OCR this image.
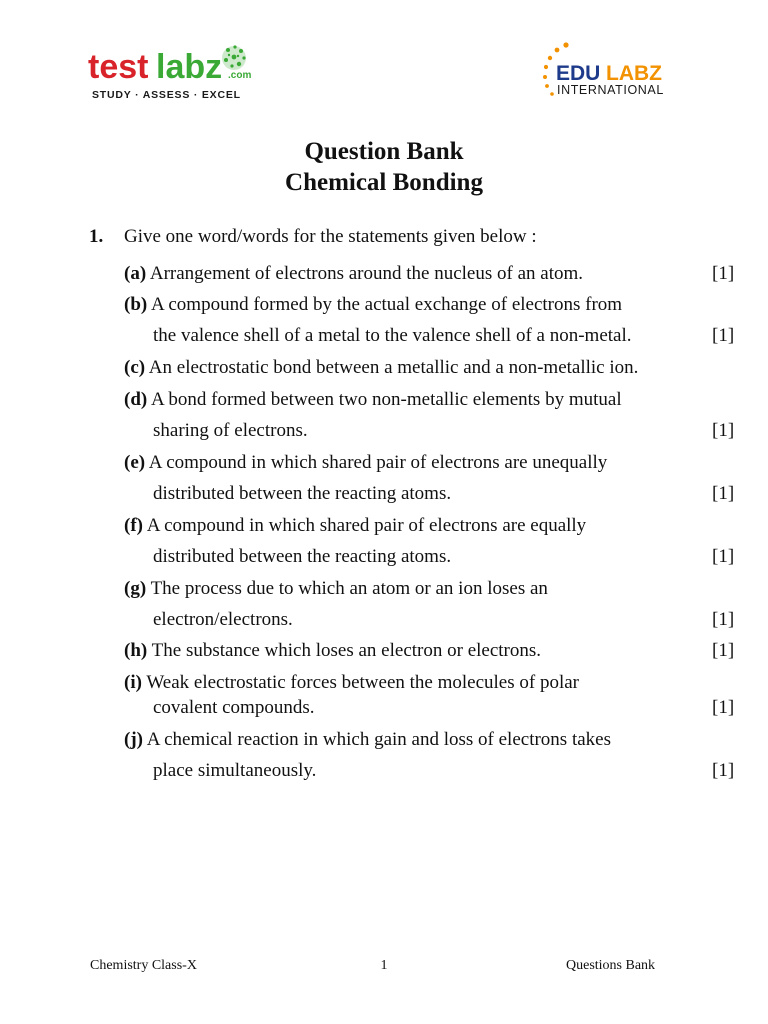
test labz .com
STUDY · ASSESS · EXCEL
EDU LABZ
INTERNATIONAL
Question Bank
Chemical Bonding
1. Give one word/words for the statements given below :
(a) Arrangement of electrons around the nucleus of an atom.	[1]
(b) A compound formed by the actual exchange of electrons from
the valence shell of a metal to the valence shell of a non-metal.	[1]
(c) An electrostatic bond between a metallic and a non-metallic ion.
(d) A bond formed between two non-metallic elements by mutual
sharing of electrons.	[1]
(e) A compound in which shared pair of electrons are unequally
distributed between the reacting atoms.	[1]
(f) A compound in which shared pair of electrons are equally
distributed between the reacting atoms.	[1]
(g) The process due to which an atom or an ion loses an
electron/electrons.	[1]
(h) The substance which loses an electron or electrons.	[1]
(i) Weak electrostatic forces between the molecules of polar
covalent compounds.	[1]
(j) A chemical reaction in which gain and loss of electrons takes
place simultaneously.	[1]
Chemistry Class-X	1	Questions Bank
